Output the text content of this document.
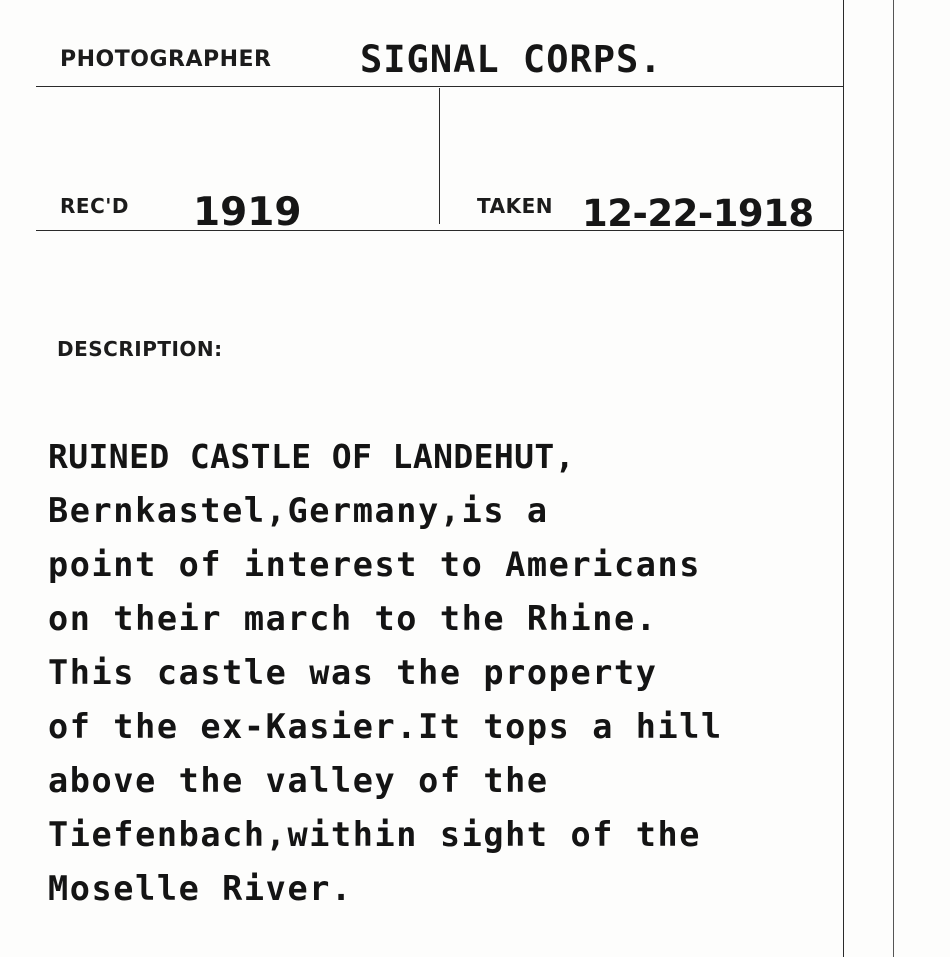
PHOTOGRAPHER SIGNAL CORPS.
REC'D 1919	TAKEN 12-22-1918
DESCRIPTION:
RUINED CASTLE OF LANDEHUT,
Bernkastel,Germany,is a
point of interest to Americans
on their march to the Rhine.
This castle was the property
of the ex-Kasier.It tops a hill
above the valley of the
Tiefenbach,within sight of the
Moselle River.
